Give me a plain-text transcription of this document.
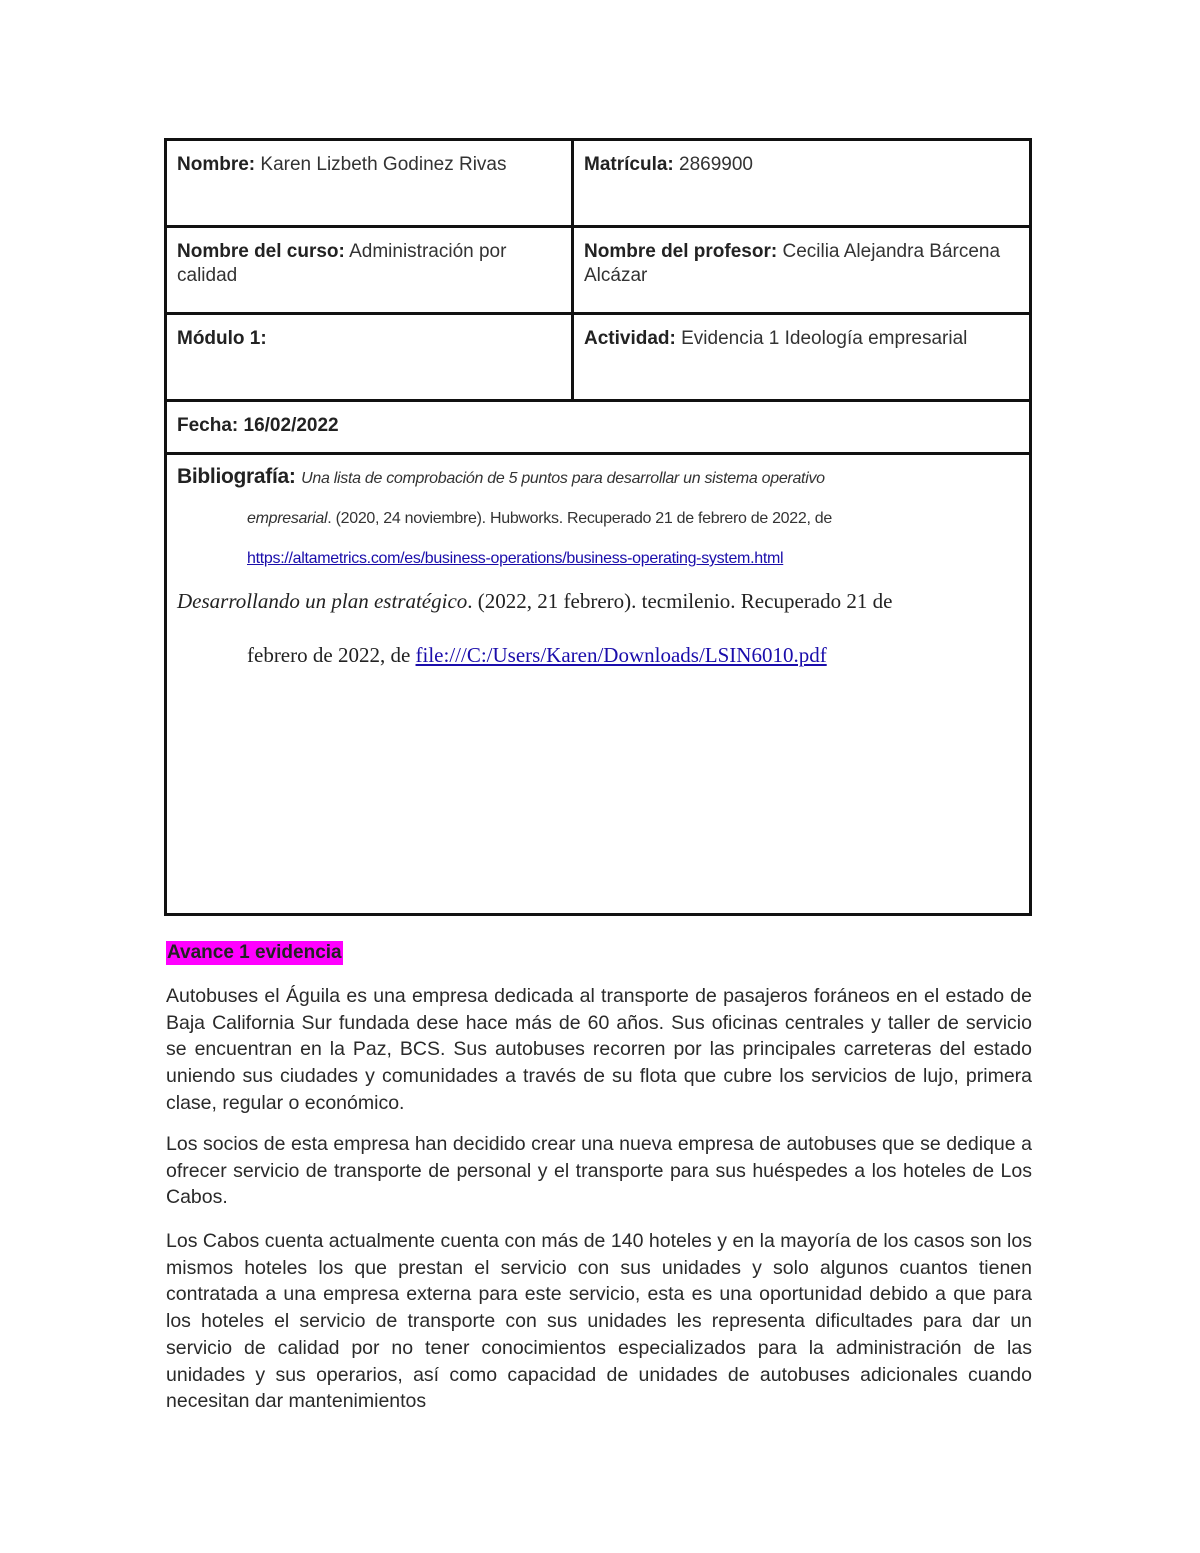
Nombre: Karen Lizbeth Godinez Rivas	Matrícula: 2869900
Nombre del curso: Administración por calidad	Nombre del profesor: Cecilia Alejandra Bárcena Alcázar
Módulo 1:	Actividad: Evidencia 1 Ideología empresarial
Fecha: 16/02/2022	

Bibliografía: Una lista de comprobación de 5 puntos para desarrollar un sistema operativo
empresarial. (2020, 24 noviembre). Hubworks. Recuperado 21 de febrero de 2022, de
https://altametrics.com/es/business-operations/business-operating-system.html
Desarrollando un plan estratégico. (2022, 21 febrero). tecmilenio. Recuperado 21 de
febrero de 2022, de file:///C:/Users/Karen/Downloads/LSIN6010.pdf	
Avance 1 evidencia

Autobuses el Águila es una empresa dedicada al transporte de pasajeros foráneos en el estado de Baja California Sur fundada dese hace más de 60 años. Sus oficinas centrales y taller de servicio se encuentran en la Paz, BCS. Sus autobuses recorren por las principales carreteras del estado uniendo sus ciudades y comunidades a través de su flota que cubre los servicios de lujo, primera clase, regular o económico.

Los socios de esta empresa han decidido crear una nueva empresa de autobuses que se dedique a ofrecer servicio de transporte de personal y el transporte para sus huéspedes a los hoteles de Los Cabos.

Los Cabos cuenta actualmente cuenta con más de 140 hoteles y en la mayoría de los casos son los mismos hoteles los que prestan el servicio con sus unidades y solo algunos cuantos tienen contratada a una empresa externa para este servicio, esta es una oportunidad debido a que para los hoteles el servicio de transporte con sus unidades les representa dificultades para dar un servicio de calidad por no tener conocimientos especializados para la administración de las unidades y sus operarios, así como capacidad de unidades de autobuses adicionales cuando necesitan dar mantenimientos
